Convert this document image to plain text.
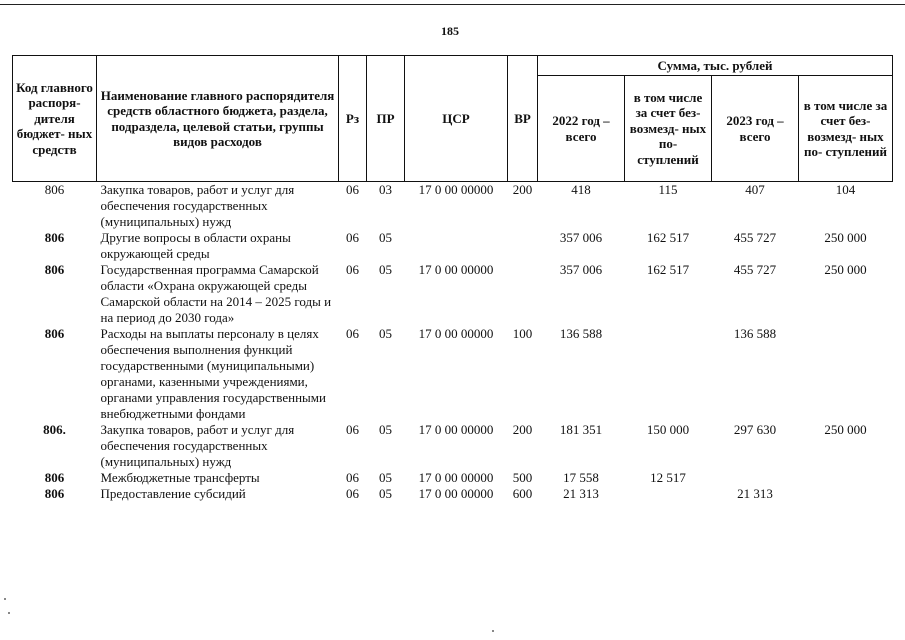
185
Код главного распоря- дителя бюджет- ных средств	Наименование главного распорядителя средств областного бюджета, раздела, подраздела, целевой статьи, группы видов расходов	Рз	ПР	ЦСР	ВР	Сумма, тыс. рублей			
						2022 год – всего	в том числе за счет без- возмезд- ных по- ступлений	2023 год – всего	в том числе за счет без- возмезд- ных по- ступлений
806	Закупка товаров, работ и услуг для обеспечения государственных (муниципальных) нужд	06	03	17 0 00 00000	200	418	115	407	104
806	Другие вопросы в области охраны окружающей среды	06	05			357 006	162 517	455 727	250 000
806	Государственная программа Самарской области «Охрана окружающей среды Самарской области на 2014 – 2025 годы и на период до 2030 года»	06	05	17 0 00 00000		357 006	162 517	455 727	250 000
806	Расходы на выплаты персоналу в целях обеспечения выполнения функций государственными (муниципальными) органами, казенными учреждениями, органами управления государственными внебюджетными фондами	06	05	17 0 00 00000	100	136 588		136 588	
806.	Закупка товаров, работ и услуг для обеспечения государственных (муниципальных) нужд	06	05	17 0 00 00000	200	181 351	150 000	297 630	250 000
806	Межбюджетные трансферты	06	05	17 0 00 00000	500	17 558	12 517		
806	Предоставление субсидий	06	05	17 0 00 00000	600	21 313		21 313	
